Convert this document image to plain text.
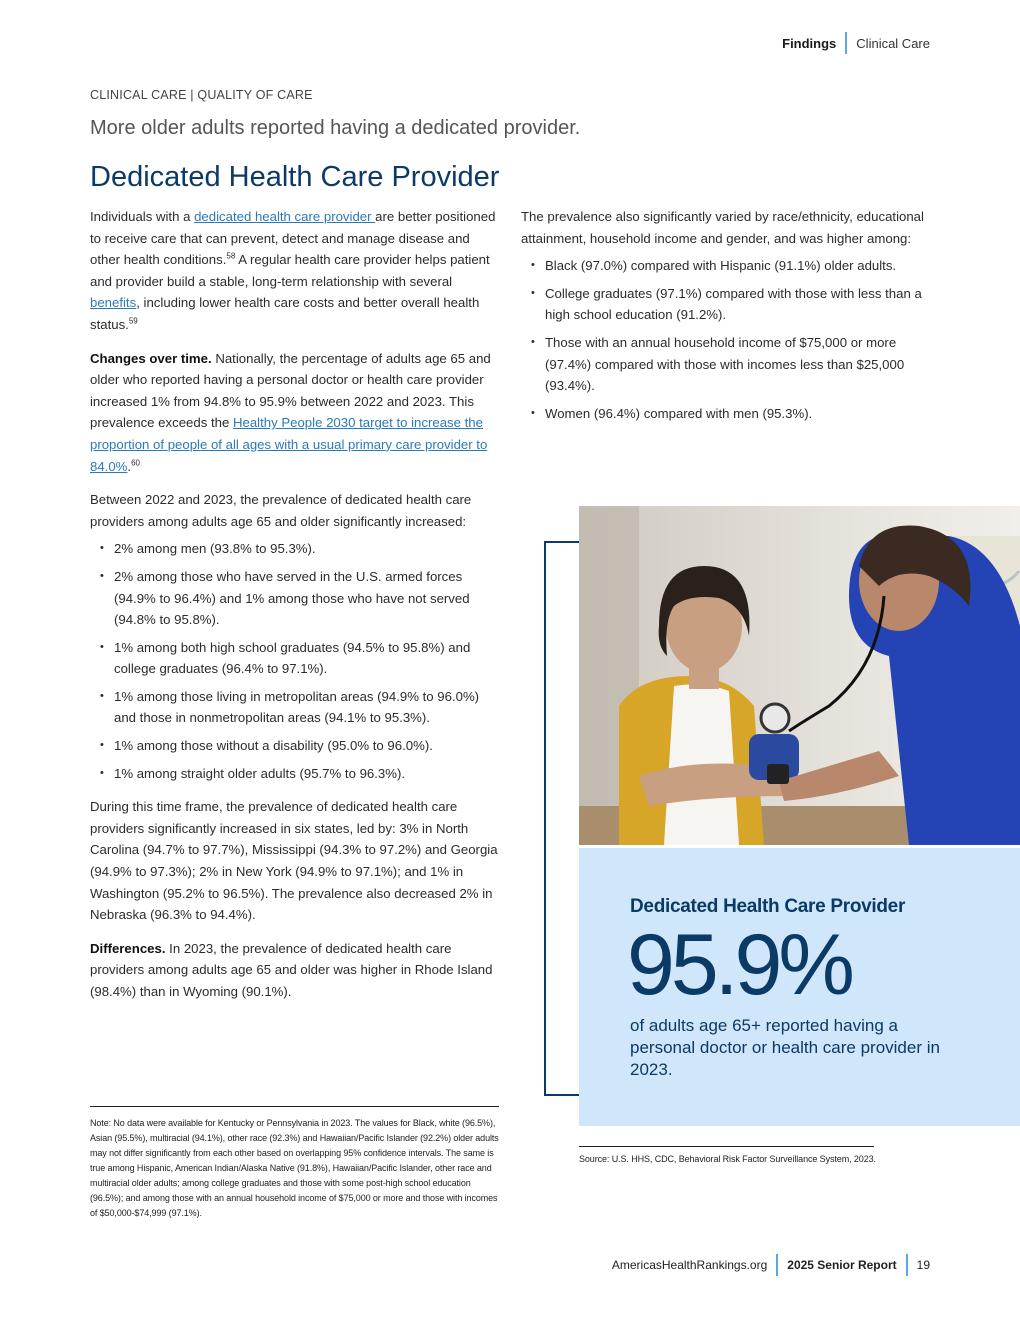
Findings Clinical Care
CLINICAL CARE | QUALITY OF CARE
More older adults reported having a dedicated provider.
Dedicated Health Care Provider

Individuals with a dedicated health care provider are better positioned to receive care that can prevent, detect and manage disease and other health conditions.$^{58}$ A regular health care provider helps patient and provider build a stable, long-term relationship with several benefits, including lower health care costs and better overall health status.$^{59}$

Changes over time. Nationally, the percentage of adults age 65 and older who reported having a personal doctor or health care provider increased 1% from 94.8% to 95.9% between 2022 and 2023. This prevalence exceeds the Healthy People 2030 target to increase the proportion of people of all ages with a usual primary care provider to 84.0%.$^{60}$

Between 2022 and 2023, the prevalence of dedicated health care providers among adults age 65 and older significantly increased:

• 2% among men (93.8% to 95.3%).
• 2% among those who have served in the U.S. armed forces (94.9% to 96.4%) and 1% among those who have not served (94.8% to 95.8%).
• 1% among both high school graduates (94.5% to 95.8%) and college graduates (96.4% to 97.1%).
• 1% among those living in metropolitan areas (94.9% to 96.0%) and those in nonmetropolitan areas (94.1% to 95.3%).
• 1% among those without a disability (95.0% to 96.0%).
• 1% among straight older adults (95.7% to 96.3%).

During this time frame, the prevalence of dedicated health care providers significantly increased in six states, led by: 3% in North Carolina (94.7% to 97.7%), Mississippi (94.3% to 97.2%) and Georgia (94.9% to 97.3%); 2% in New York (94.9% to 97.1%); and 1% in Washington (95.2% to 96.5%). The prevalence also decreased 2% in Nebraska (96.3% to 94.4%).

Differences. In 2023, the prevalence of dedicated health care providers among adults age 65 and older was higher in Rhode Island (98.4%) than in Wyoming (90.1%).

The prevalence also significantly varied by race/ethnicity, educational attainment, household income and gender, and was higher among:

• Black (97.0%) compared with Hispanic (91.1%) older adults.
• College graduates (97.1%) compared with those with less than a high school education (91.2%).
• Those with an annual household income of $75,000 or more (97.4%) compared with those with incomes less than $25,000 (93.4%).
• Women (96.4%) compared with men (95.3%).
Note: No data were available for Kentucky or Pennsylvania in 2023. The values for Black, white (96.5%), Asian (95.5%), multiracial (94.1%), other race (92.3%) and Hawaiian/Pacific Islander (92.2%) older adults may not differ significantly from each other based on overlapping 95% confidence intervals. The same is true among Hispanic, American Indian/Alaska Native (91.8%), Hawaiian/Pacific Islander, other race and multiracial older adults; among college graduates and those with some post-high school education (96.5%); and among those with an annual household income of $75,000 or more and those with incomes of $50,000-$74,999 (97.1%).
Dedicated Health Care Provider
95.9%
of adults age 65+ reported having a personal doctor or health care provider in 2023.
Source: U.S. HHS, CDC, Behavioral Risk Factor Surveillance System, 2023.
AmericasHealthRankings.org 2025 Senior Report 19
